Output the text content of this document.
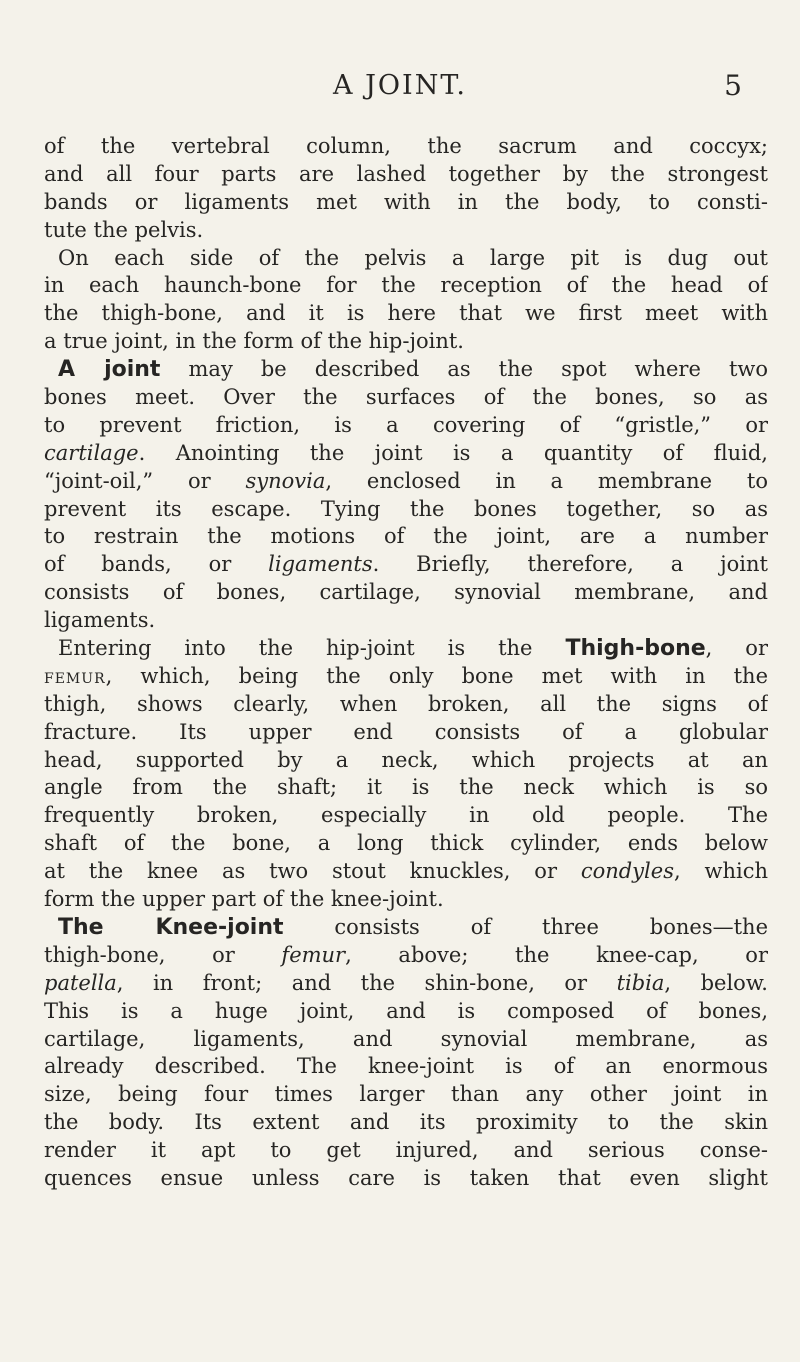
A JOINT.	5
of the vertebral column, the sacrum and coccyx;
and all four parts are lashed together by the strongest
bands or ligaments met with in the body, to consti-
tute the pelvis.
On each side of the pelvis a large pit is dug out
in each haunch-bone for the reception of the head of
the thigh-bone, and it is here that we first meet with
a true joint, in the form of the hip-joint.
A joint may be described as the spot where two
bones meet. Over the surfaces of the bones, so as
to prevent friction, is a covering of “gristle,” or
cartilage. Anointing the joint is a quantity of fluid,
“joint-oil,” or synovia, enclosed in a membrane to
prevent its escape. Tying the bones together, so as
to restrain the motions of the joint, are a number
of bands, or ligaments. Briefly, therefore, a joint
consists of bones, cartilage, synovial membrane, and
ligaments.
Entering into the hip-joint is the Thigh-bone, or
FEMUR, which, being the only bone met with in the
thigh, shows clearly, when broken, all the signs of
fracture. Its upper end consists of a globular
head, supported by a neck, which projects at an
angle from the shaft; it is the neck which is so
frequently broken, especially in old people. The
shaft of the bone, a long thick cylinder, ends below
at the knee as two stout knuckles, or condyles, which
form the upper part of the knee-joint.
The Knee-joint consists of three bones—the
thigh-bone, or femur, above; the knee-cap, or
patella, in front; and the shin-bone, or tibia, below.
This is a huge joint, and is composed of bones,
cartilage, ligaments, and synovial membrane, as
already described. The knee-joint is of an enormous
size, being four times larger than any other joint in
the body. Its extent and its proximity to the skin
render it apt to get injured, and serious conse-
quences ensue unless care is taken that even slight
